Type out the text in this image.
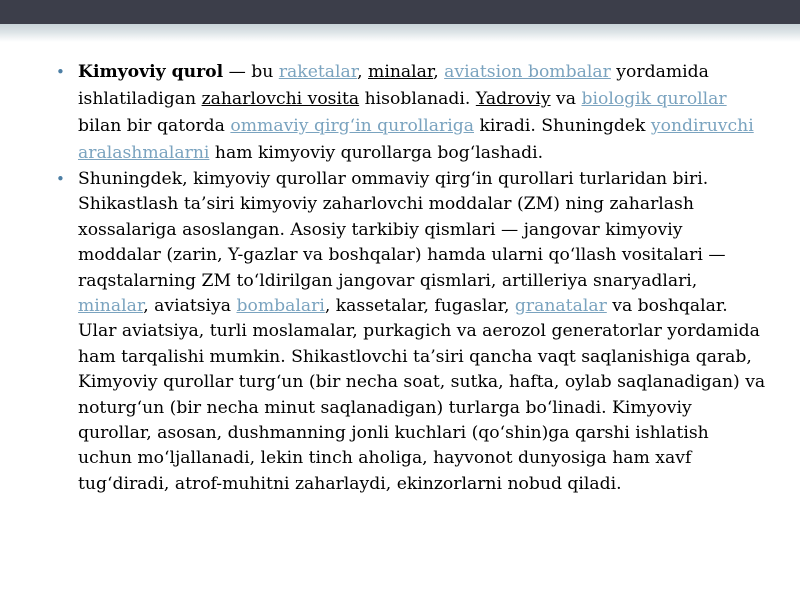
• Kimyoviy qurol — bu raketalar, minalar, aviatsion bombalar yordamida ishlatiladigan zaharlovchi vosita hisoblanadi. Yadroviy va biologik qurollar bilan bir qatorda ommaviy qirg‘in qurollariga kiradi. Shuningdek yondiruvchi aralashmalarni ham kimyoviy qurollarga bog‘lashadi.
• Shuningdek, kimyoviy qurollar ommaviy qirg‘in qurollari turlaridan biri. Shikastlash ta’siri kimyoviy zaharlovchi moddalar (ZM) ning zaharlash xossalariga asoslangan. Asosiy tarkibiy qismlari — jangovar kimyoviy moddalar (zarin, Y-gazlar va boshqalar) hamda ularni qo‘llash vositalari — raqstalarning ZM to‘ldirilgan jangovar qismlari, artilleriya snaryadlari, minalar, aviatsiya bombalari, kassetalar, fugaslar, granatalar va boshqalar. Ular aviatsiya, turli moslamalar, purkagich va aerozol generatorlar yordamida ham tarqalishi mumkin. Shikastlovchi ta’siri qancha vaqt saqlanishiga qarab, Kimyoviy qurollar turg‘un (bir necha soat, sutka, hafta, oylab saqlanadigan) va noturg‘un (bir necha minut saqlanadigan) turlarga bo‘linadi. Kimyoviy qurollar, asosan, dushmanning jonli kuchlari (qo‘shin)ga qarshi ishlatish uchun mo‘ljallanadi, lekin tinch aholiga, hayvonot dunyosiga ham xavf tug‘diradi, atrof-muhitni zaharlaydi, ekinzorlarni nobud qiladi.
